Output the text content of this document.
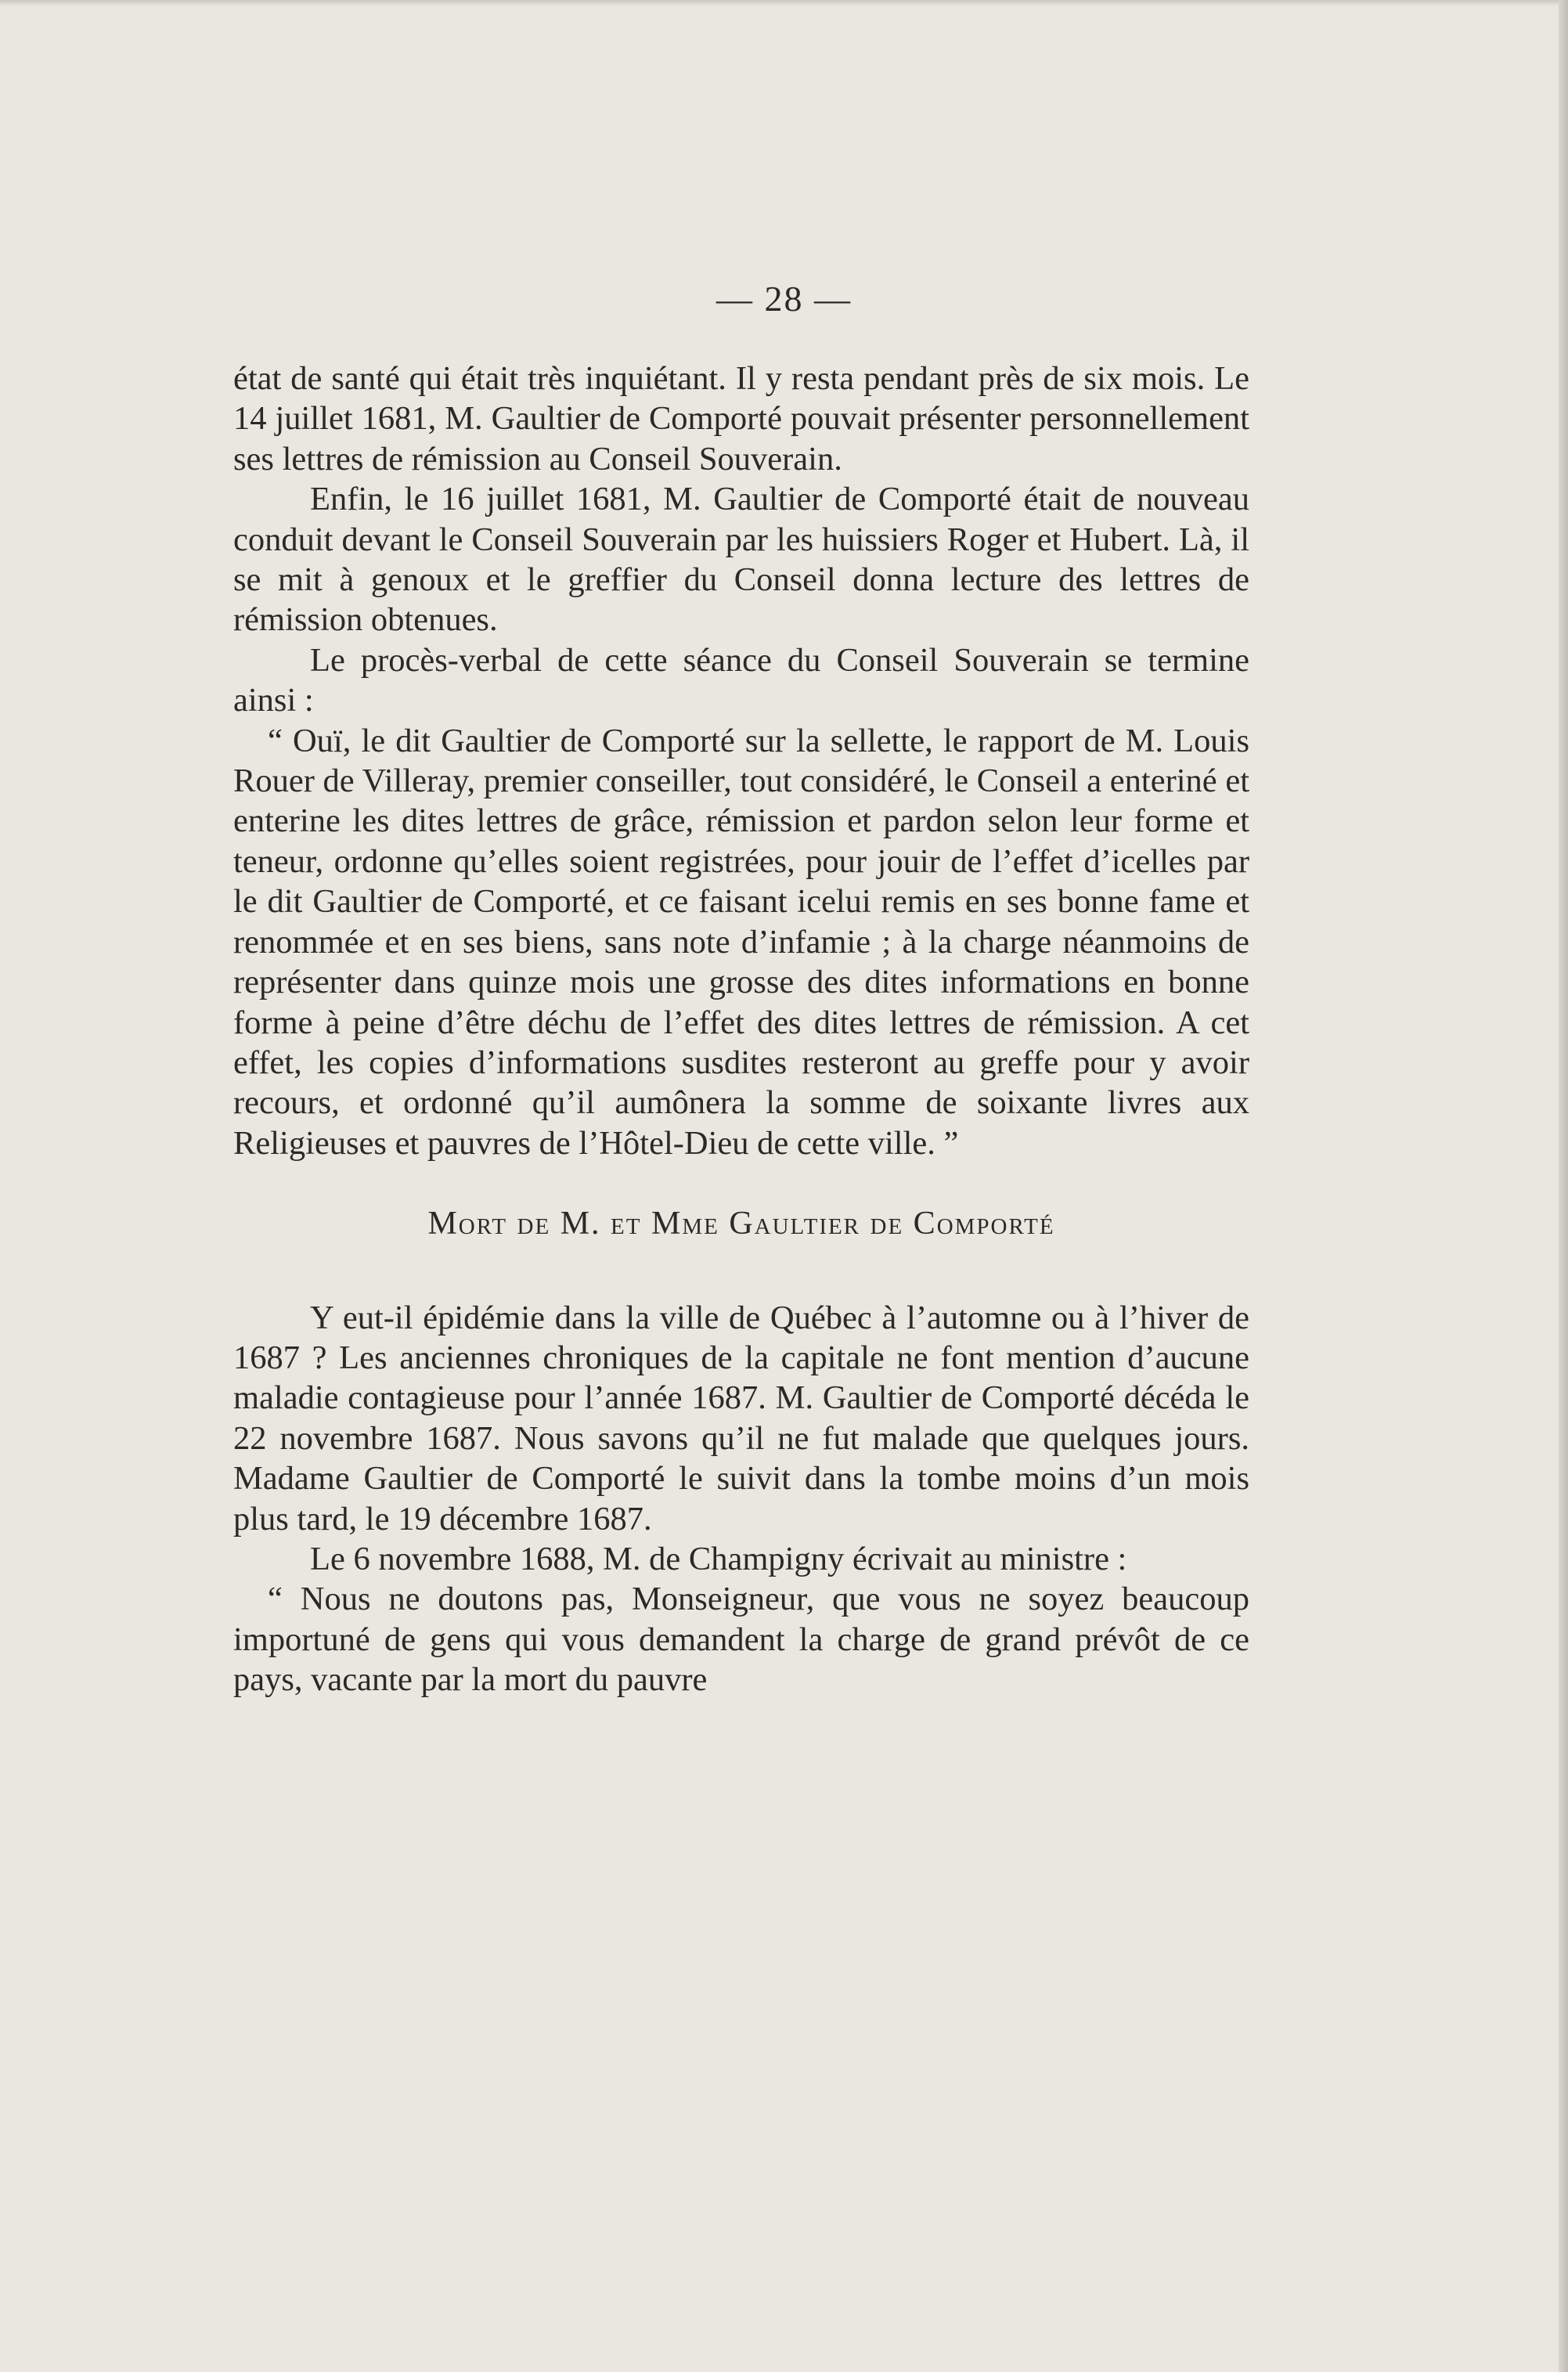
— 28 —

état de santé qui était très inquiétant. Il y resta pendant près de six mois. Le 14 juillet 1681, M. Gaultier de Comporté pouvait présenter personnellement ses lettres de rémission au Conseil Souverain.

Enfin, le 16 juillet 1681, M. Gaultier de Comporté était de nouveau conduit devant le Conseil Souverain par les huissiers Roger et Hubert. Là, il se mit à genoux et le greffier du Conseil donna lecture des lettres de rémission obtenues.

Le procès-verbal de cette séance du Conseil Souverain se termine ainsi :

“ Ouï, le dit Gaultier de Comporté sur la sellette, le rapport de M. Louis Rouer de Villeray, premier conseiller, tout considéré, le Conseil a enteriné et enterine les dites lettres de grâce, rémission et pardon selon leur forme et teneur, ordonne qu’elles soient registrées, pour jouir de l’effet d’icelles par le dit Gaultier de Comporté, et ce faisant icelui remis en ses bonne fame et renommée et en ses biens, sans note d’infamie ; à la charge néanmoins de représenter dans quinze mois une grosse des dites informations en bonne forme à peine d’être déchu de l’effet des dites lettres de rémission. A cet effet, les copies d’informations susdites resteront au greffe pour y avoir recours, et ordonné qu’il aumônera la somme de soixante livres aux Religieuses et pauvres de l’Hôtel-Dieu de cette ville. ”

Mort de M. et Mme Gaultier de Comporté

Y eut-il épidémie dans la ville de Québec à l’automne ou à l’hiver de 1687 ? Les anciennes chroniques de la capitale ne font mention d’aucune maladie contagieuse pour l’année 1687. M. Gaultier de Comporté décéda le 22 novembre 1687. Nous savons qu’il ne fut malade que quelques jours. Madame Gaultier de Comporté le suivit dans la tombe moins d’un mois plus tard, le 19 décembre 1687.

Le 6 novembre 1688, M. de Champigny écrivait au ministre :

“ Nous ne doutons pas, Monseigneur, que vous ne soyez beaucoup importuné de gens qui vous demandent la charge de grand prévôt de ce pays, vacante par la mort du pauvre
